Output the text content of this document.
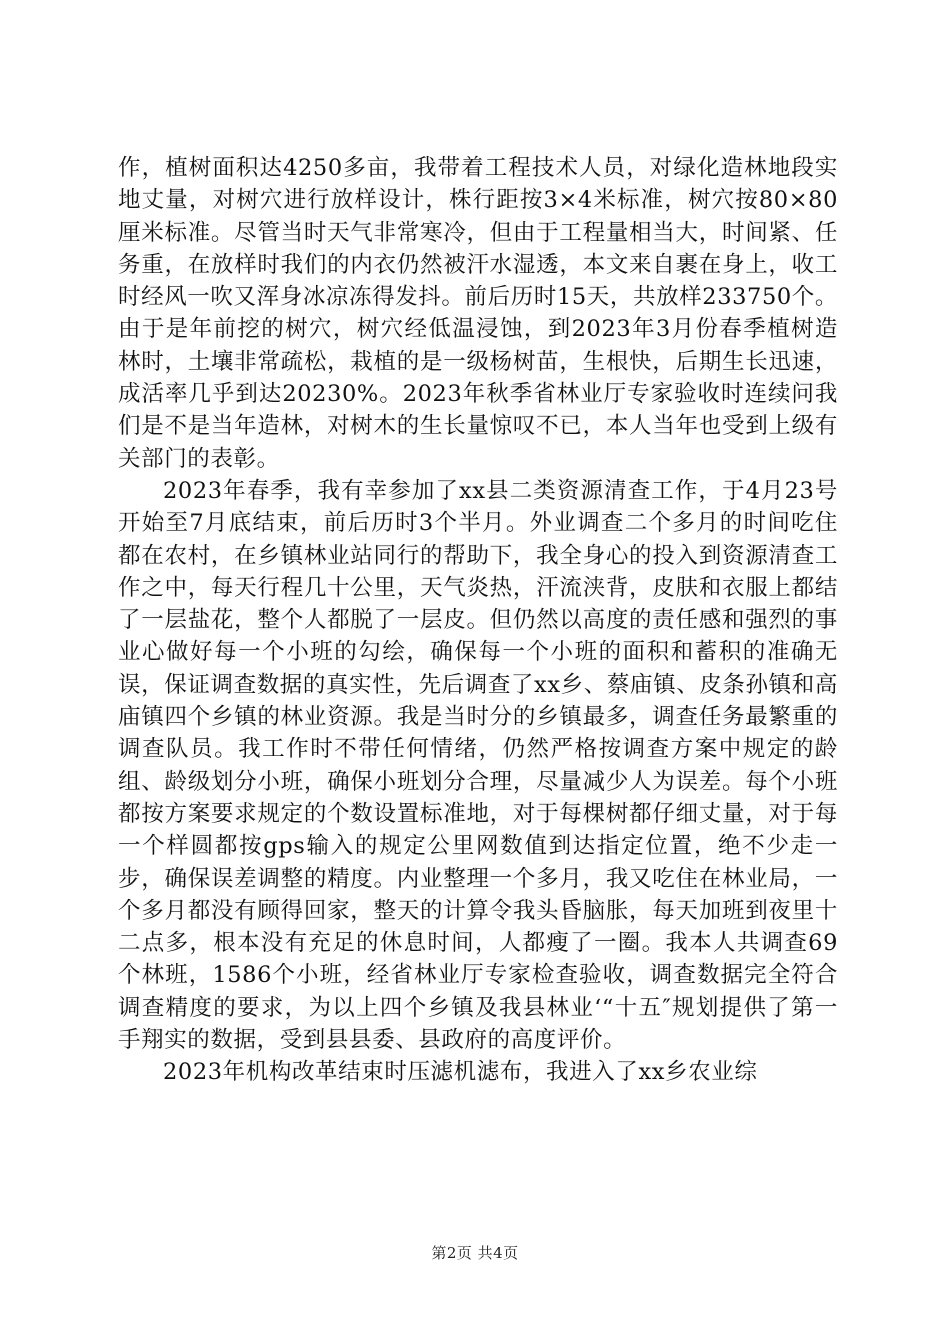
作，植树面积达4250多亩，我带着工程技术人员，对绿化造林地段实地丈量，对树穴进行放样设计，株行距按3×4米标准，树穴按80×80厘米标准。尽管当时天气非常寒冷，但由于工程量相当大，时间紧、任务重，在放样时我们的内衣仍然被汗水湿透，本文来自裹在身上，收工时经风一吹又浑身冰凉冻得发抖。前后历时15天，共放样233750个。由于是年前挖的树穴，树穴经低温浸蚀，到2023年3月份春季植树造林时，土壤非常疏松，栽植的是一级杨树苗，生根快，后期生长迅速，成活率几乎到达20230%。2023年秋季省林业厅专家验收时连续问我们是不是当年造林，对树木的生长量惊叹不已，本人当年也受到上级有关部门的表彰。

2023年春季，我有幸参加了xx县二类资源清查工作，于4月23号开始至7月底结束，前后历时3个半月。外业调查二个多月的时间吃住都在农村，在乡镇林业站同行的帮助下，我全身心的投入到资源清查工作之中，每天行程几十公里，天气炎热，汗流浃背，皮肤和衣服上都结了一层盐花，整个人都脱了一层皮。但仍然以高度的责任感和强烈的事业心做好每一个小班的勾绘，确保每一个小班的面积和蓄积的准确无误，保证调查数据的真实性，先后调查了xx乡、蔡庙镇、皮条孙镇和高庙镇四个乡镇的林业资源。我是当时分的乡镇最多，调查任务最繁重的调查队员。我工作时不带任何情绪，仍然严格按调查方案中规定的龄组、龄级划分小班，确保小班划分合理，尽量减少人为误差。每个小班都按方案要求规定的个数设置标准地，对于每棵树都仔细丈量，对于每一个样圆都按gps输入的规定公里网数值到达指定位置，绝不少走一步，确保误差调整的精度。内业整理一个多月，我又吃住在林业局，一个多月都没有顾得回家，整天的计算令我头昏脑胀，每天加班到夜里十二点多，根本没有充足的休息时间，人都瘦了一圈。我本人共调查69个林班，1586个小班，经省林业厅专家检查验收，调查数据完全符合调查精度的要求，为以上四个乡镇及我县林业‘“十五″规划提供了第一手翔实的数据，受到县县委、县政府的高度评价。

2023年机构改革结束时压滤机滤布，我进入了xx乡农业综

第2页 共4页
